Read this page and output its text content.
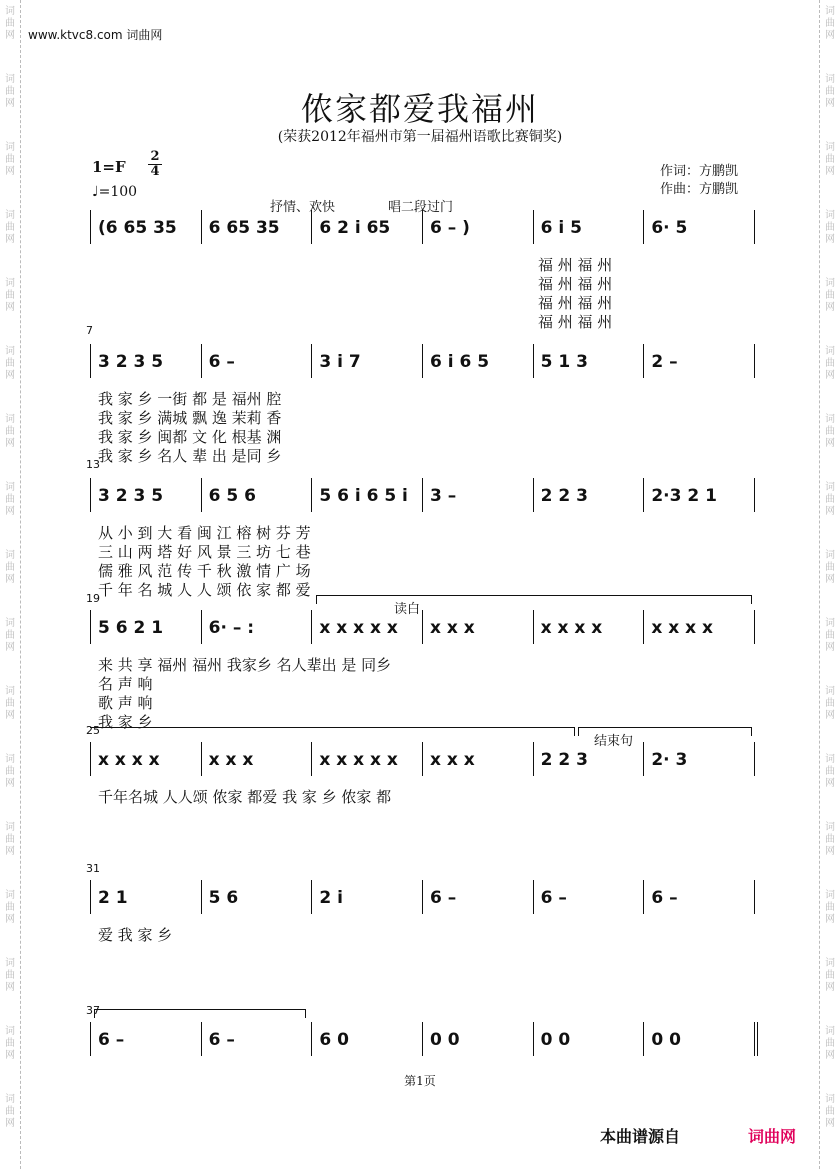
www.ktvc8.com 词曲网
侬家都爱我福州
(荣获2012年福州市第一届福州语歌比赛铜奖)
1=F
2
4
♩=100
作词：方鹏凯
作曲：方鹏凯
抒情、欢快	唱二段过门
读白
结束句
(6 65 35 6 65 35 6 2 i 65 6 – )	6 i 5	6· 5
福 州 福 州
福 州 福 州
福 州 福 州
福 州 福 州
3 2 3 5	6 –	3 i 7	6 i 6 5	5 1 3	2 –
我 家 乡 一街 都 是 福州 腔
我 家 乡 满城 飘 逸 茉莉 香
我 家 乡 闽都 文 化 根基 渊
我 家 乡 名人 辈 出 是同 乡
3 2 3 5	6 5 6	5 6 i 6 5 i 3 –	2 2 3	2·3 2 1
从 小 到 大 看 闽 江 榕 树 芬 芳
三 山 两 塔 好 风 景 三 坊 七 巷
儒 雅 风 范 传 千 秋 激 情 广 场
千 年 名 城 人 人 颂 依 家 都 爱
5 6 2 1	6· – :	x x x x x x x x	x x x x	x x x x
来 共 享 福州 福州 我家乡 名人辈出 是 同乡
名 声 响
歌 声 响
我 家 乡
x x x x	x x x	x x x x x x x x	2 2 3	2· 3
千年名城 人人颂 侬家 都爱 我 家 乡 侬家 都
2 1	5 6	2 i	6 –	6 –	6 –
爱 我 家 乡
6 –	6 –	6 0	0 0	0 0	0 0
第1页
本曲谱源自	词曲网
词
曲
网
词
曲
网
词
曲
网
词
曲
网
词
曲
网
词
曲
网
词
曲
网
词
曲
网
词
曲
网
词
曲
网
词
曲
网
词
曲
网
词
曲
网
词
曲
网
词
曲
网
词
曲
网
词
曲
网
词
曲
网
词
曲
网
词
曲
网
词
曲
网
词
曲
网
词
曲
网
词
曲
网
词
曲
网
词
曲
网
词
曲
网
词
曲
网
词
曲
网
词
曲
网
词
曲
网
词
曲
网
词
曲
网
词
曲
网
7
13
19
25
31
37
